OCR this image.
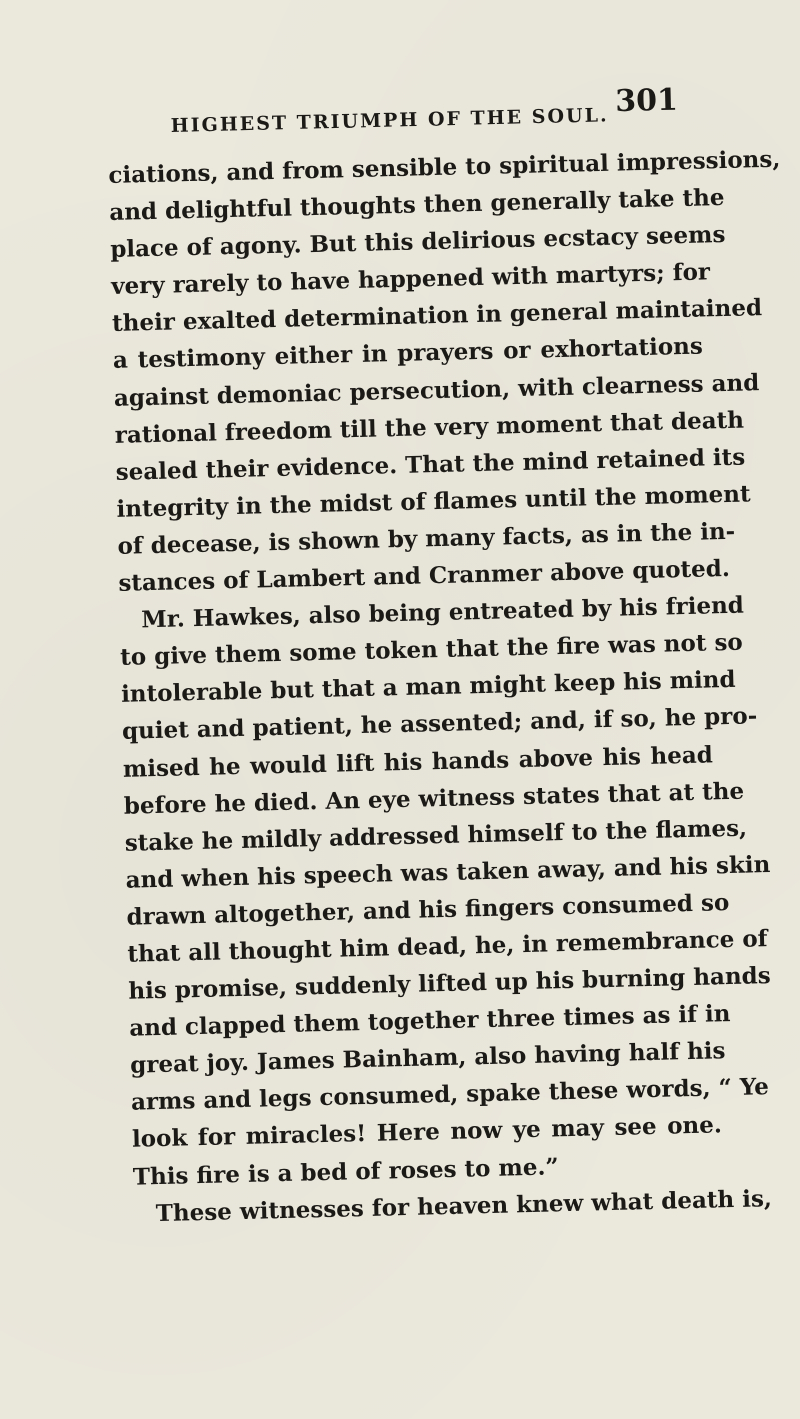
HIGHEST TRIUMPH OF THE SOUL.
301
ciations, and from sensible to spiritual impressions,
and delightful thoughts then generally take the
place of agony. But this delirious ecstacy seems
very rarely to have happened with martyrs; for
their exalted determination in general maintained
a testimony either in prayers or exhortations
against demoniac persecution, with clearness and
rational freedom till the very moment that death
sealed their evidence. That the mind retained its
integrity in the midst of flames until the moment
of decease, is shown by many facts, as in the in-
stances of Lambert and Cranmer above quoted.
Mr. Hawkes, also being entreated by his friend
to give them some token that the fire was not so
intolerable but that a man might keep his mind
quiet and patient, he assented; and, if so, he pro-
mised he would lift his hands above his head
before he died. An eye witness states that at the
stake he mildly addressed himself to the flames,
and when his speech was taken away, and his skin
drawn altogether, and his fingers consumed so
that all thought him dead, he, in remembrance of
his promise, suddenly lifted up his burning hands
and clapped them together three times as if in
great joy. James Bainham, also having half his
arms and legs consumed, spake these words, “ Ye
look for miracles! Here now ye may see one.
This fire is a bed of roses to me.”
These witnesses for heaven knew what death is,
